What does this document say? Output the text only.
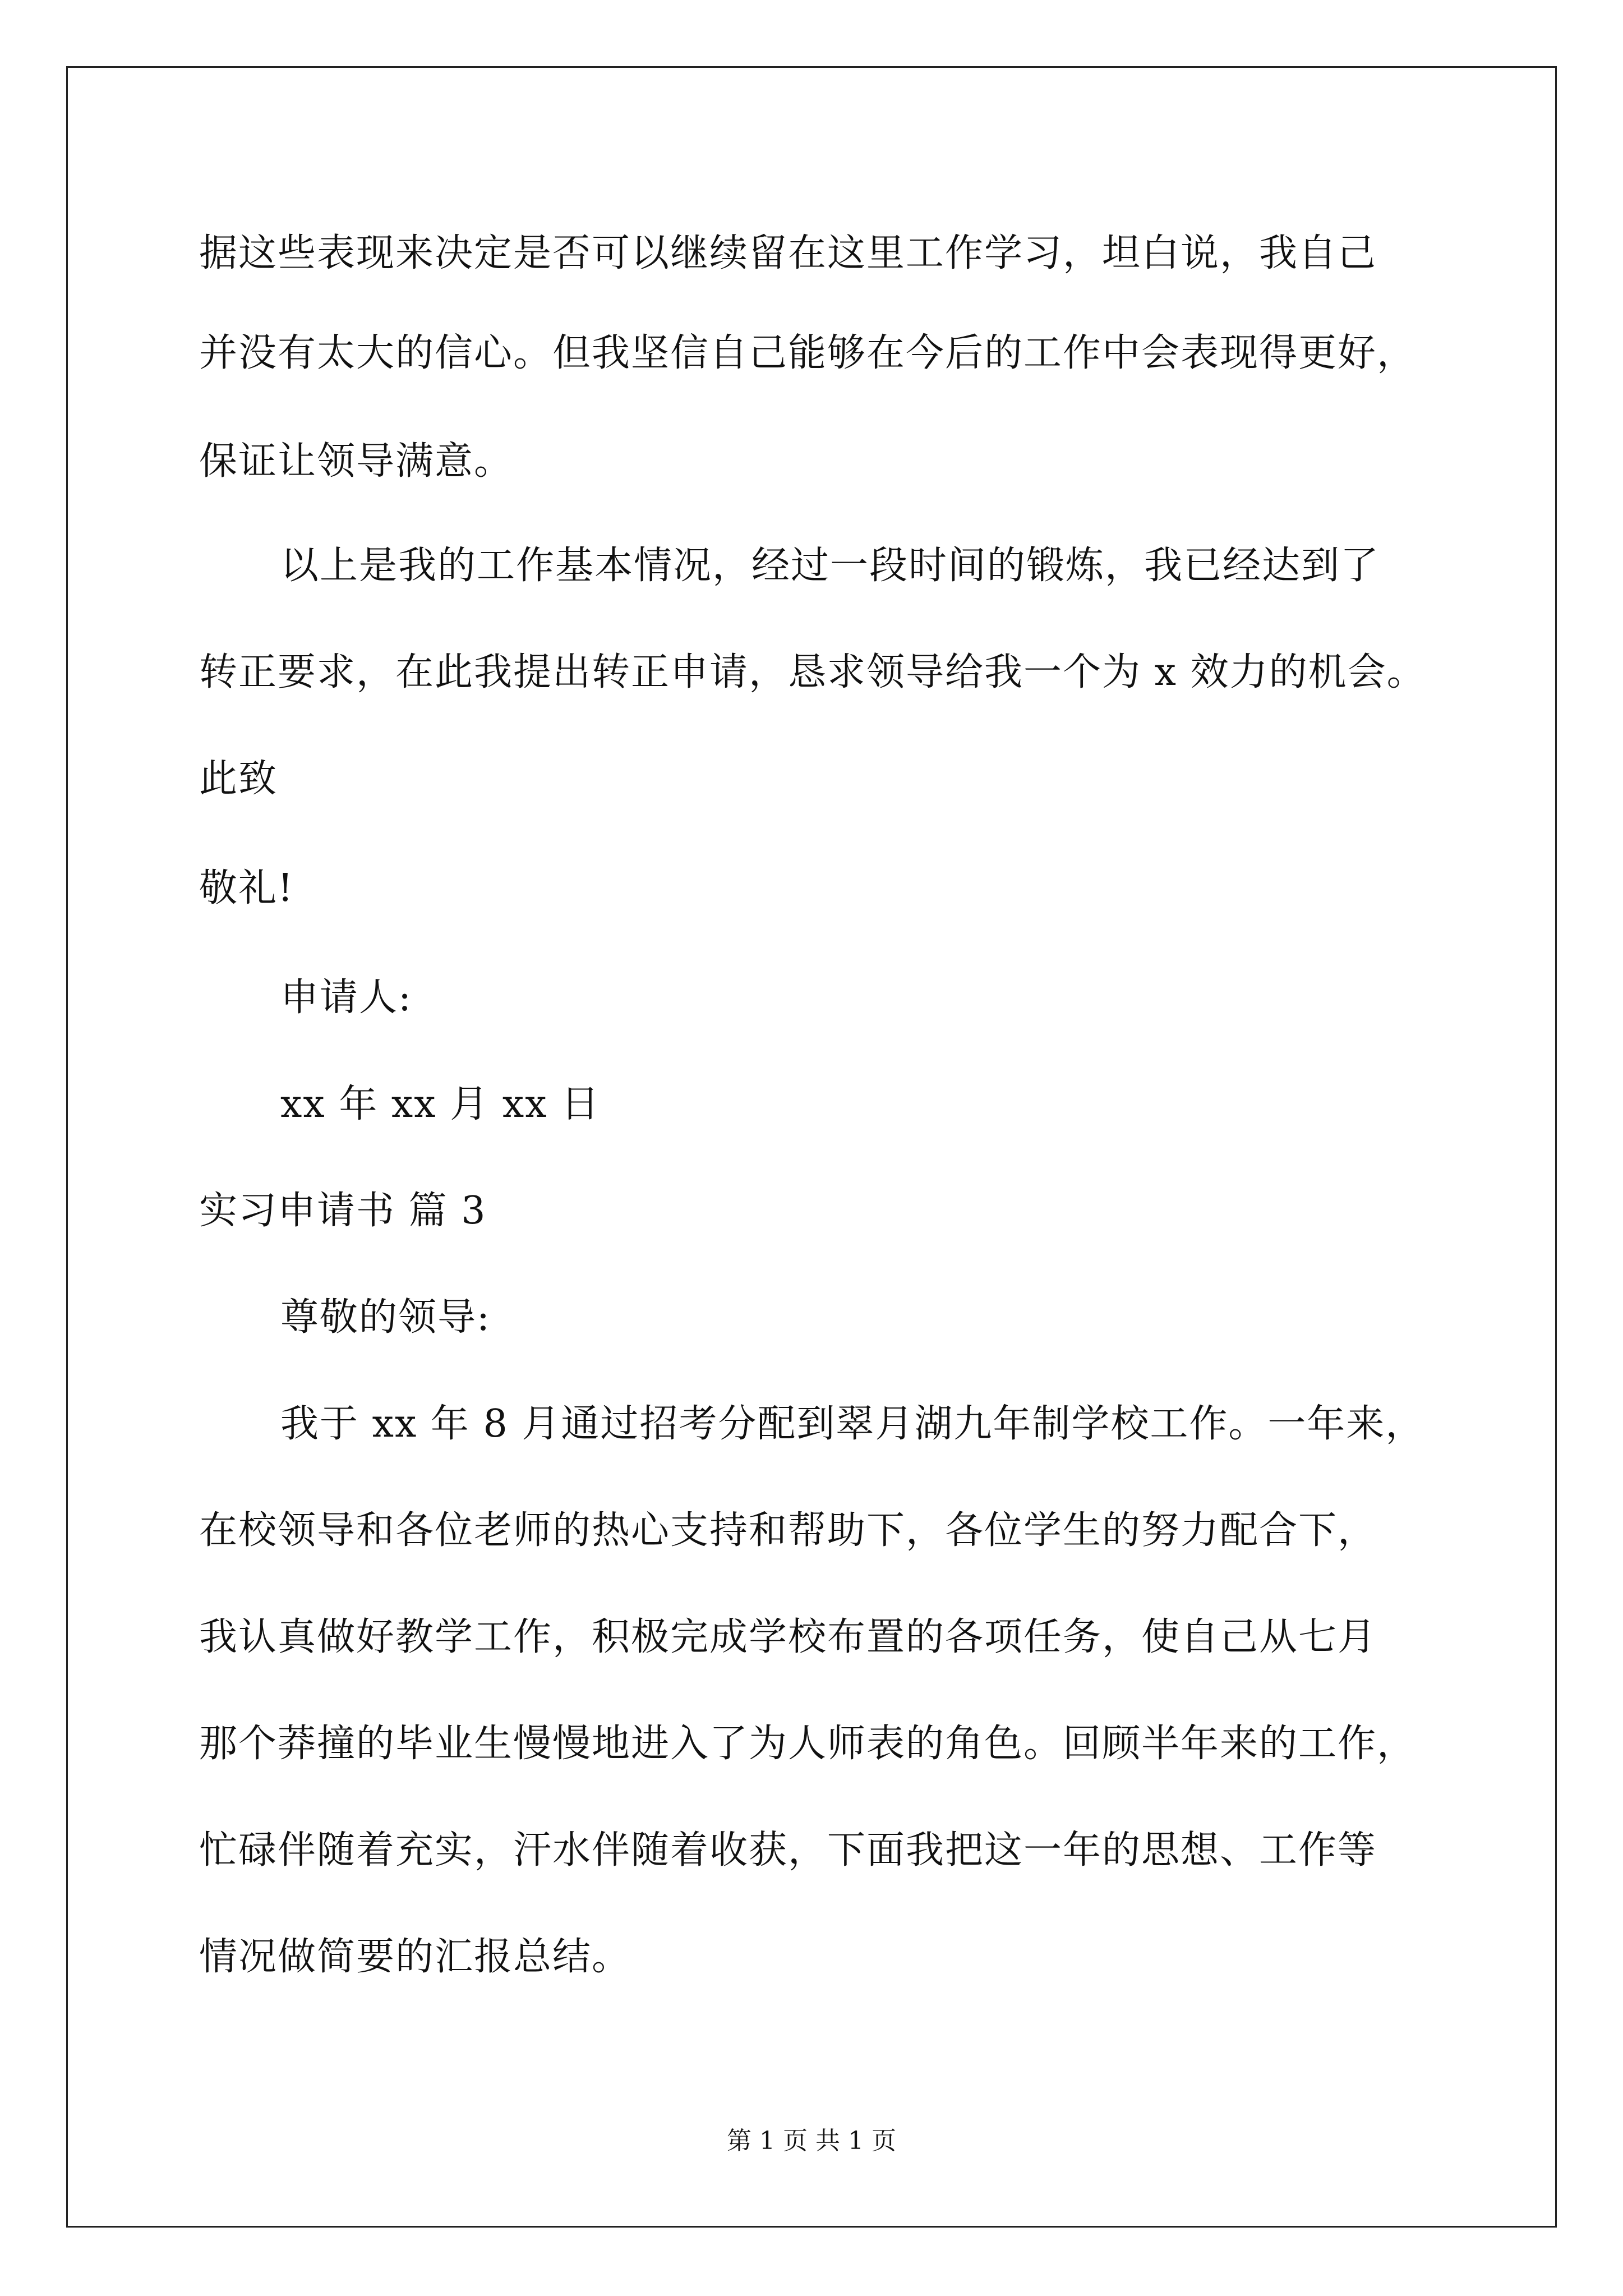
据这些表现来决定是否可以继续留在这里工作学习，坦白说，我自己
并没有太大的信心。但我坚信自己能够在今后的工作中会表现得更好，
保证让领导满意。
以上是我的工作基本情况，经过一段时间的锻炼，我已经达到了
转正要求，在此我提出转正申请，恳求领导给我一个为 x 效力的机会。
此致
敬礼!
申请人:
xx 年 xx 月 xx 日
实习申请书 篇 3
尊敬的领导:
我于 xx 年 8 月通过招考分配到翠月湖九年制学校工作。一年来，
在校领导和各位老师的热心支持和帮助下，各位学生的努力配合下，
我认真做好教学工作，积极完成学校布置的各项任务，使自己从七月
那个莽撞的毕业生慢慢地进入了为人师表的角色。回顾半年来的工作，
忙碌伴随着充实，汗水伴随着收获，下面我把这一年的思想、工作等
情况做简要的汇报总结。
第 1 页 共 1 页
